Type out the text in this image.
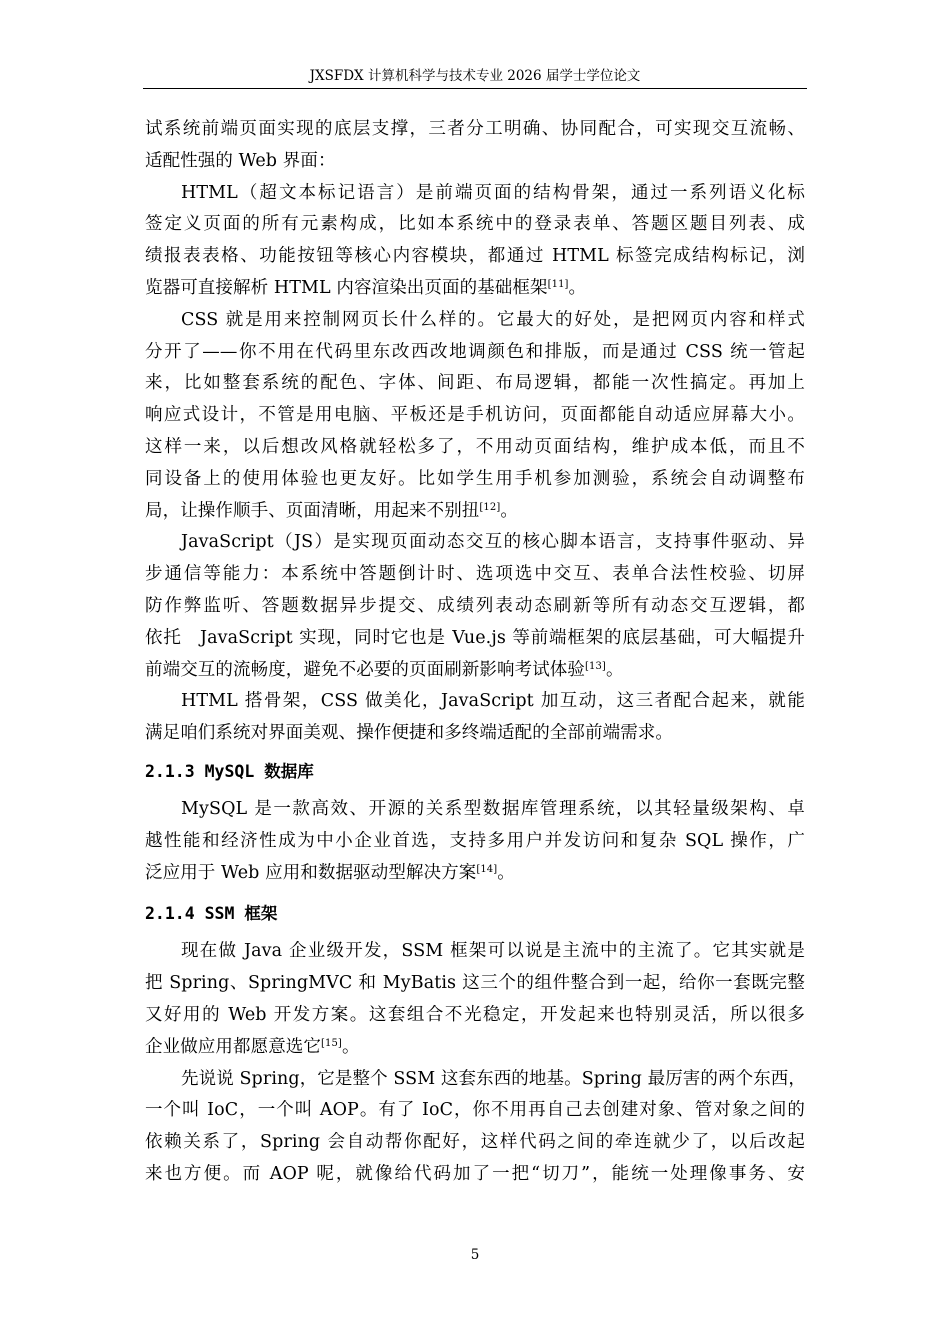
JXSFDX 计算机科学与技术专业 2026 届学士学位论文
试系统前端页面实现的底层支撑，三者分工明确、协同配合，可实现交互流畅、
适配性强的 Web 界面：
HTML（超文本标记语言）是前端页面的结构骨架，通过一系列语义化标
签定义页面的所有元素构成，比如本系统中的登录表单、答题区题目列表、成
绩报表表格、功能按钮等核心内容模块，都通过 HTML 标签完成结构标记，浏
览器可直接解析 HTML 内容渲染出页面的基础框架[11]。
CSS 就是用来控制网页长什么样的。它最大的好处，是把网页内容和样式
分开了——你不用在代码里东改西改地调颜色和排版，而是通过 CSS 统一管起
来，比如整套系统的配色、字体、间距、布局逻辑，都能一次性搞定。再加上
响应式设计，不管是用电脑、平板还是手机访问，页面都能自动适应屏幕大小。
这样一来，以后想改风格就轻松多了，不用动页面结构，维护成本低，而且不
同设备上的使用体验也更友好。比如学生用手机参加测验，系统会自动调整布
局，让操作顺手、页面清晰，用起来不别扭[12]。
JavaScript（JS）是实现页面动态交互的核心脚本语言，支持事件驱动、异
步通信等能力：本系统中答题倒计时、选项选中交互、表单合法性校验、切屏
防作弊监听、答题数据异步提交、成绩列表动态刷新等所有动态交互逻辑，都
依托　JavaScript 实现，同时它也是 Vue.js 等前端框架的底层基础，可大幅提升
前端交互的流畅度，避免不必要的页面刷新影响考试体验[13]。
HTML 搭骨架，CSS 做美化，JavaScript 加互动，这三者配合起来，就能
满足咱们系统对界面美观、操作便捷和多终端适配的全部前端需求。
2.1.3 MySQL 数据库
MySQL 是一款高效、开源的关系型数据库管理系统，以其轻量级架构、卓
越性能和经济性成为中小企业首选，支持多用户并发访问和复杂 SQL 操作，广
泛应用于 Web 应用和数据驱动型解决方案[14]。
2.1.4 SSM 框架
现在做 Java 企业级开发，SSM 框架可以说是主流中的主流了。它其实就是
把 Spring、SpringMVC 和 MyBatis 这三个的组件整合到一起，给你一套既完整
又好用的 Web 开发方案。这套组合不光稳定，开发起来也特别灵活，所以很多
企业做应用都愿意选它[15]。
先说说 Spring，它是整个 SSM 这套东西的地基。Spring 最厉害的两个东西，
一个叫 IoC，一个叫 AOP。有了 IoC，你不用再自己去创建对象、管对象之间的
依赖关系了，Spring 会自动帮你配好，这样代码之间的牵连就少了，以后改起
来也方便。而 AOP 呢，就像给代码加了一把“切刀”，能统一处理像事务、安
5
